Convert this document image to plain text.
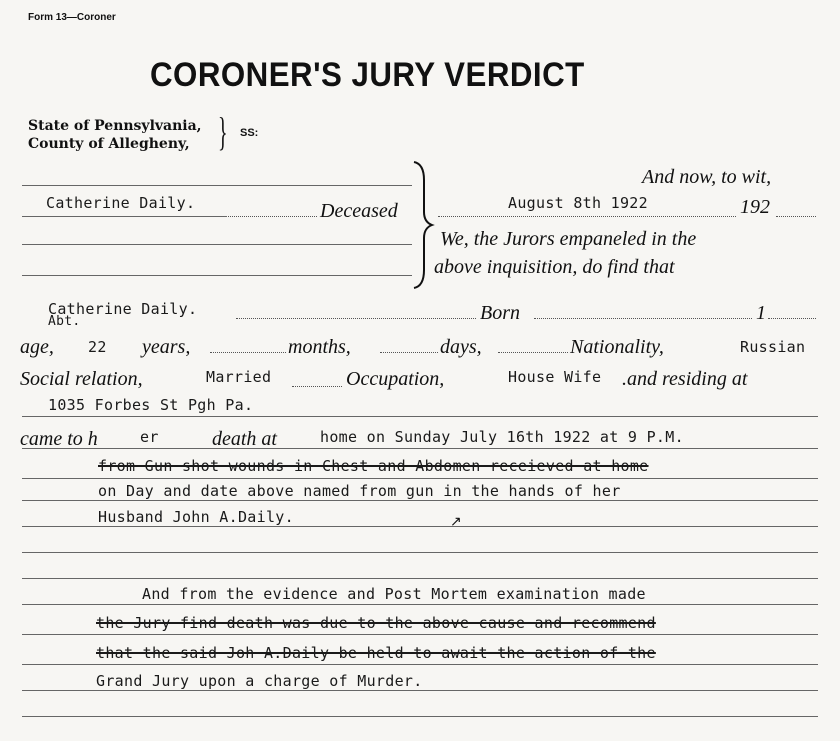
Form 13—Coroner
CORONER'S JURY VERDICT
State of Pennsylvania,
County of Allegheny, } SS:
Catherine Daily.	Deceased
And now, to wit,
August 8th 1922	192
We, the Jurors empaneled in the
above inquisition, do find that
Catherine Daily.
Abt.	Born	1
age, 22 years,	months,	days,	Nationality,	Russian
Social relation,	Married	Occupation,	House Wife .and residing at
1035 Forbes St Pgh Pa.
came to h	er	death at	home on Sunday July 16th 1922 at 9 P.M.
from Gun shot wounds in Chest and Abdomen receieved at home
on Day and date above named from gun in the hands of her
Husband John A.Daily.	↗
And from the evidence and Post Mortem examination made
the Jury find death was due to the above cause and recommend
that the said Joh A.Daily be held to await the action of the
Grand Jury upon a charge of Murder.
